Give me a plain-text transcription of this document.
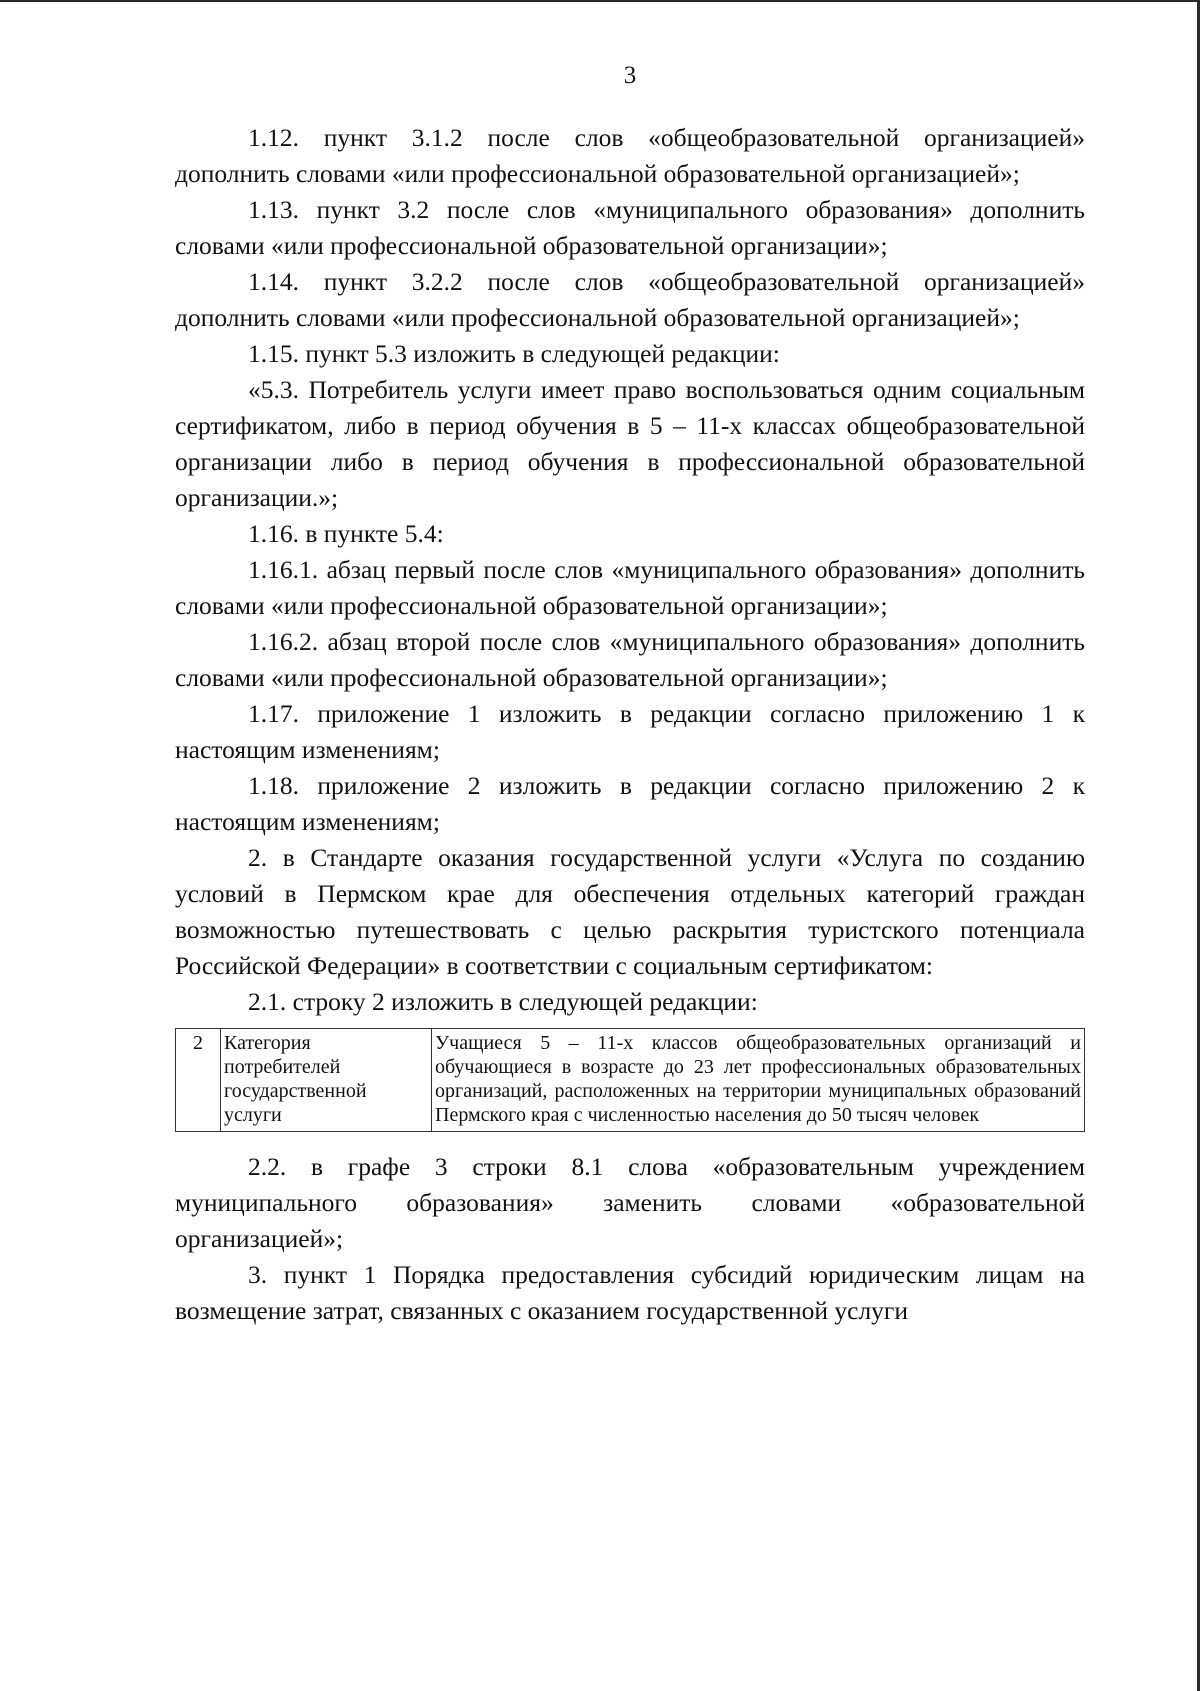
3

1.12. пункт 3.1.2 после слов «общеобразовательной организацией» дополнить словами «или профессиональной образовательной организацией»;

1.13. пункт 3.2 после слов «муниципального образования» дополнить словами «или профессиональной образовательной организации»;

1.14. пункт 3.2.2 после слов «общеобразовательной организацией» дополнить словами «или профессиональной образовательной организацией»;

1.15. пункт 5.3 изложить в следующей редакции:

«5.3. Потребитель услуги имеет право воспользоваться одним социальным сертификатом, либо в период обучения в 5 – 11-х классах общеобразовательной организации либо в период обучения в профессиональной образовательной организации.»;

1.16. в пункте 5.4:

1.16.1. абзац первый после слов «муниципального образования» дополнить словами «или профессиональной образовательной организации»;

1.16.2. абзац второй после слов «муниципального образования» дополнить словами «или профессиональной образовательной организации»;

1.17. приложение 1 изложить в редакции согласно приложению 1 к настоящим изменениям;

1.18. приложение 2 изложить в редакции согласно приложению 2 к настоящим изменениям;

2. в Стандарте оказания государственной услуги «Услуга по созданию условий в Пермском крае для обеспечения отдельных категорий граждан возможностью путешествовать с целью раскрытия туристского потенциала Российской Федерации» в соответствии с социальным сертификатом:

2.1. строку 2 изложить в следующей редакции:

2	Категория потребителей государственной услуги	Учащиеся 5 – 11-х классов общеобразовательных организаций и обучающиеся в возрасте до 23 лет профессиональных образовательных организаций, расположенных на территории муниципальных образований Пермского края с численностью населения до 50 тысяч человек

2.2. в графе 3 строки 8.1 слова «образовательным учреждением муниципального образования» заменить словами «образовательной организацией»;

3. пункт 1 Порядка предоставления субсидий юридическим лицам на возмещение затрат, связанных с оказанием государственной услуги
